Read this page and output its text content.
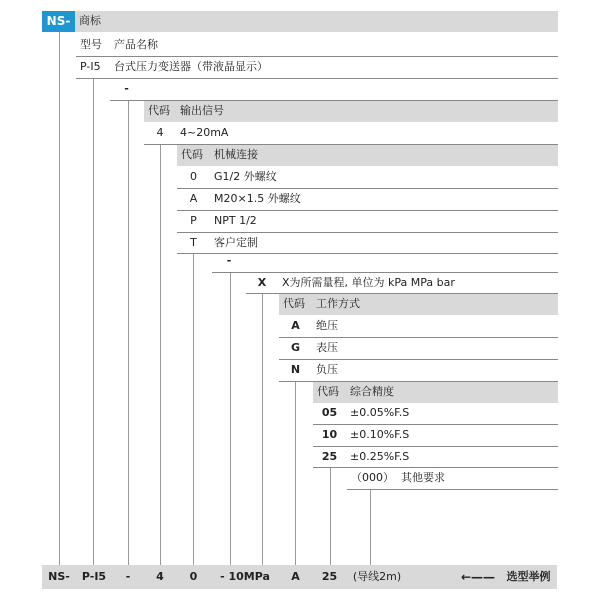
NS- 商标
型号	产品名称
P-I5	台式压力变送器（带液晶显示）
-
代码 输出信号
4	4~20mA
代码	机械连接
0	G1/2 外螺纹
A	M20×1.5 外螺纹
P	NPT 1/2
T	客户定制
-
X	X为所需量程, 单位为 kPa MPa bar
代码	工作方式
A	绝压
G	表压
N	负压
代码	综合精度
05	±0.05%F.S
10	±0.10%F.S
25	±0.25%F.S
（000） 其他要求
NS-	P-I5	-	4	0	- 10MPa	A	25	(导线2m)	←——	选型举例
